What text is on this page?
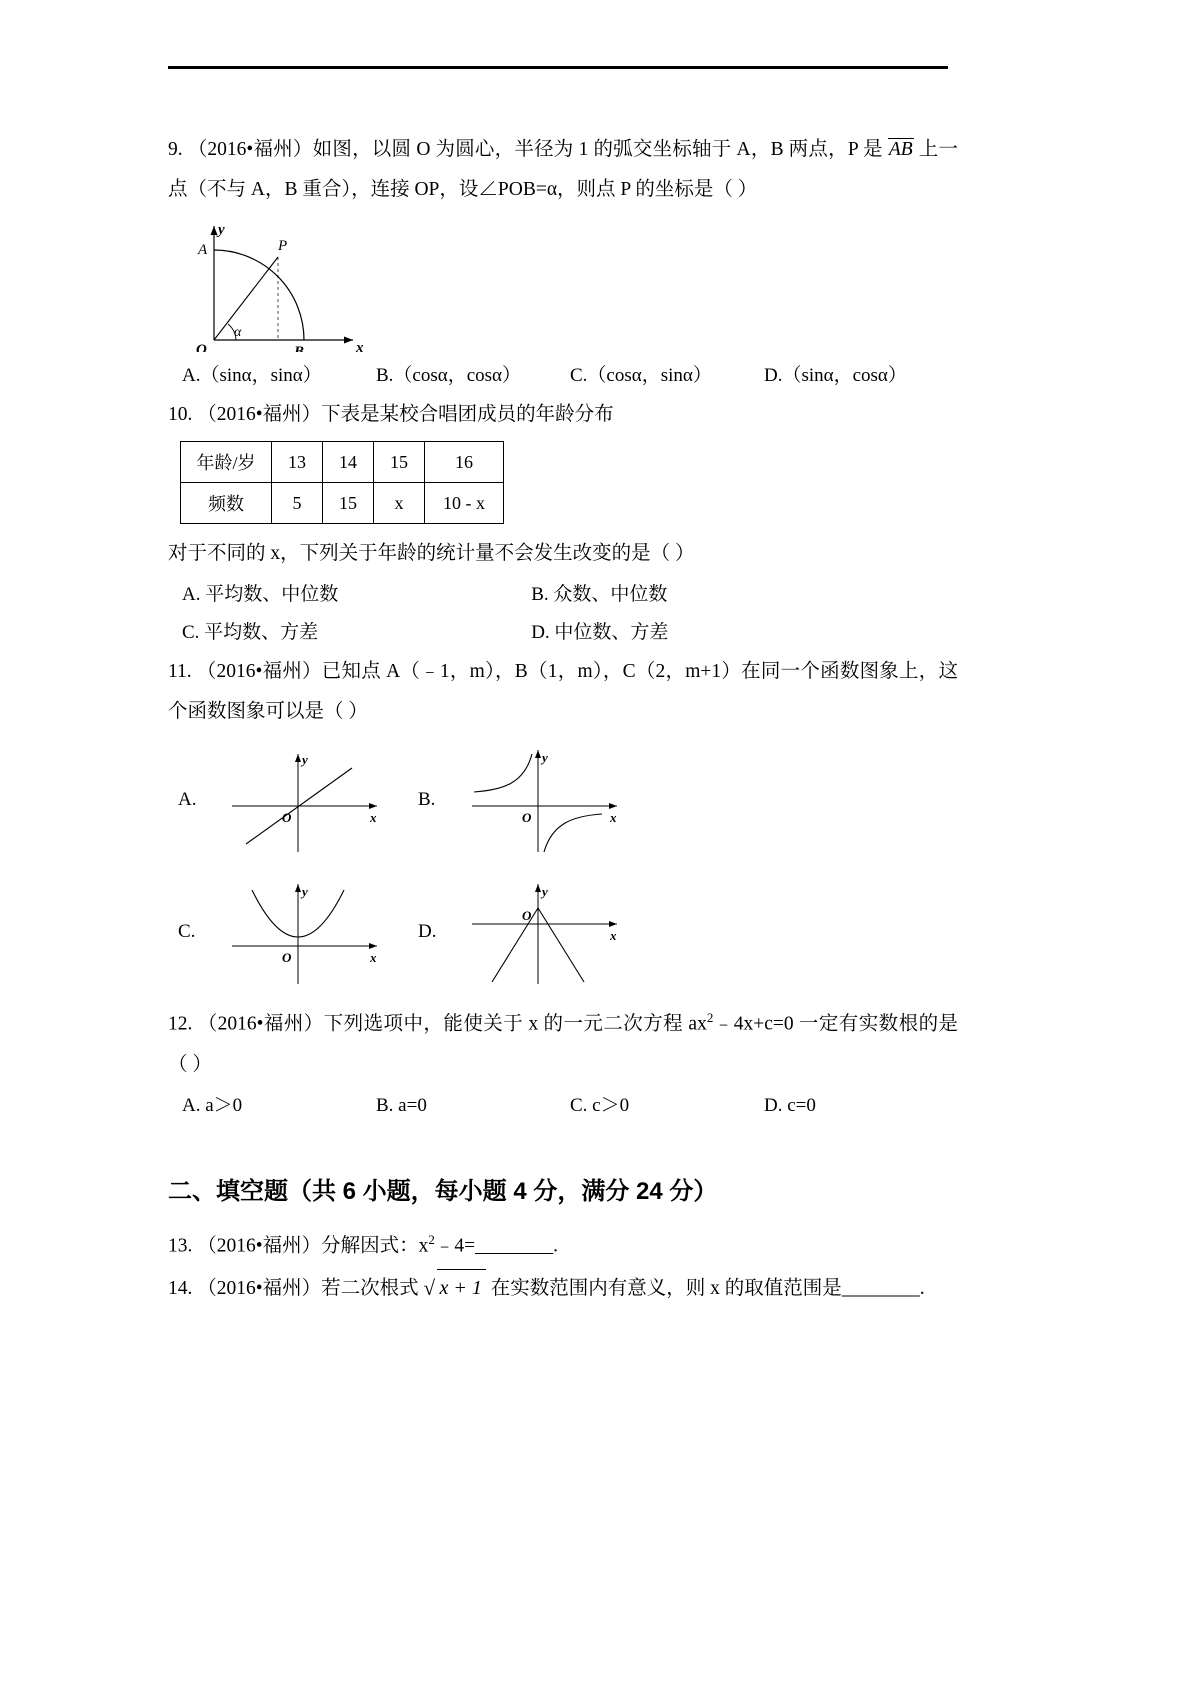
9. （2016•福州）如图，以圆 O 为圆心，半径为 1 的弧交坐标轴于 A，B 两点，P 是 AB 上一点（不与 A，B 重合），连接 OP，设∠POB=α，则点 P 的坐标是（ ）
A	P
O	B	x
y
α
A.（sinα，sinα）	B.（cosα，cosα）	C.（cosα，sinα）	D.（sinα，cosα）
10. （2016•福州）下表是某校合唱团成员的年龄分布
年龄/岁	13	14	15	16
频数	5	15	x	10 - x
对于不同的 x，下列关于年龄的统计量不会发生改变的是（ ）
A. 平均数、中位数	B. 众数、中位数
C. 平均数、方差	D. 中位数、方差
11. （2016•福州）已知点 A（﹣1，m），B（1，m），C（2，m+1）在同一个函数图象上，这个函数图象可以是（ ）
A.
y
O	x
B.
y
O	x
C.
y
O	x
D.
y
O
x
12. （2016•福州）下列选项中，能使关于 x 的一元二次方程 $ax^2﹣4x+c=0$ 一定有实数根的是（ ）
A. a＞0	B. a=0	C. c＞0	D. c=0
二、填空题（共 6 小题，每小题 4 分，满分 24 分）
13. （2016•福州）分解因式：$x^2﹣4=\_\_\_\_\_\_\_\_$.
14. （2016•福州）若二次根式 √ x + 1 在实数范围内有意义，则 x 的取值范围是________.
